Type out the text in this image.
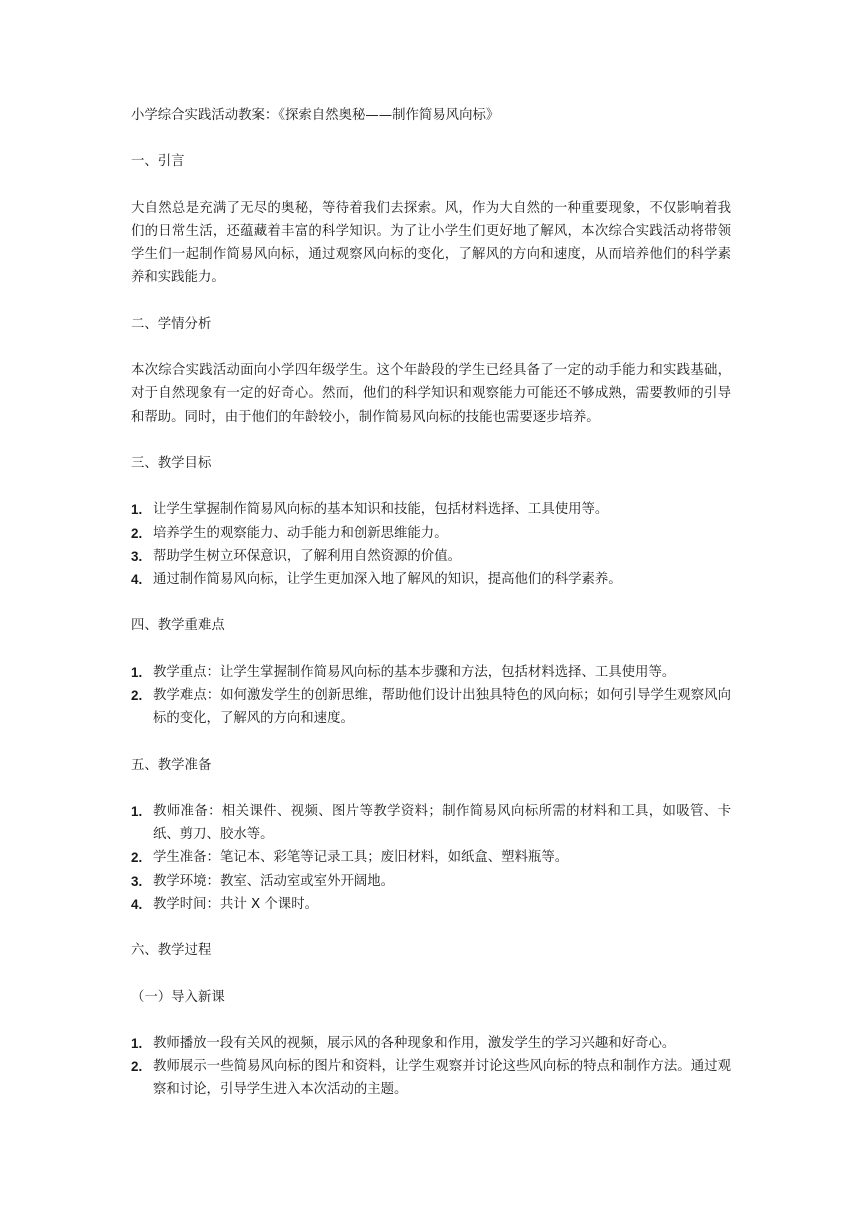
小学综合实践活动教案：《探索自然奥秘——制作简易风向标》

一、引言

大自然总是充满了无尽的奥秘，等待着我们去探索。风，作为大自然的一种重要现象，不仅影响着我们的日常生活，还蕴藏着丰富的科学知识。为了让小学生们更好地了解风，本次综合实践活动将带领学生们一起制作简易风向标，通过观察风向标的变化，了解风的方向和速度，从而培养他们的科学素养和实践能力。

二、学情分析

本次综合实践活动面向小学四年级学生。这个年龄段的学生已经具备了一定的动手能力和实践基础，对于自然现象有一定的好奇心。然而，他们的科学知识和观察能力可能还不够成熟，需要教师的引导和帮助。同时，由于他们的年龄较小，制作简易风向标的技能也需要逐步培养。

三、教学目标

1. 让学生掌握制作简易风向标的基本知识和技能，包括材料选择、工具使用等。
2. 培养学生的观察能力、动手能力和创新思维能力。
3. 帮助学生树立环保意识，了解利用自然资源的价值。
4. 通过制作简易风向标，让学生更加深入地了解风的知识，提高他们的科学素养。

四、教学重难点

1. 教学重点：让学生掌握制作简易风向标的基本步骤和方法，包括材料选择、工具使用等。
2. 教学难点：如何激发学生的创新思维，帮助他们设计出独具特色的风向标；如何引导学生观察风向标的变化，了解风的方向和速度。

五、教学准备

1. 教师准备：相关课件、视频、图片等教学资料；制作简易风向标所需的材料和工具，如吸管、卡纸、剪刀、胶水等。
2. 学生准备：笔记本、彩笔等记录工具；废旧材料，如纸盒、塑料瓶等。
3. 教学环境：教室、活动室或室外开阔地。
4. 教学时间：共计 X 个课时。

六、教学过程

（一）导入新课

1. 教师播放一段有关风的视频，展示风的各种现象和作用，激发学生的学习兴趣和好奇心。
2. 教师展示一些简易风向标的图片和资料，让学生观察并讨论这些风向标的特点和制作方法。通过观察和讨论，引导学生进入本次活动的主题。
